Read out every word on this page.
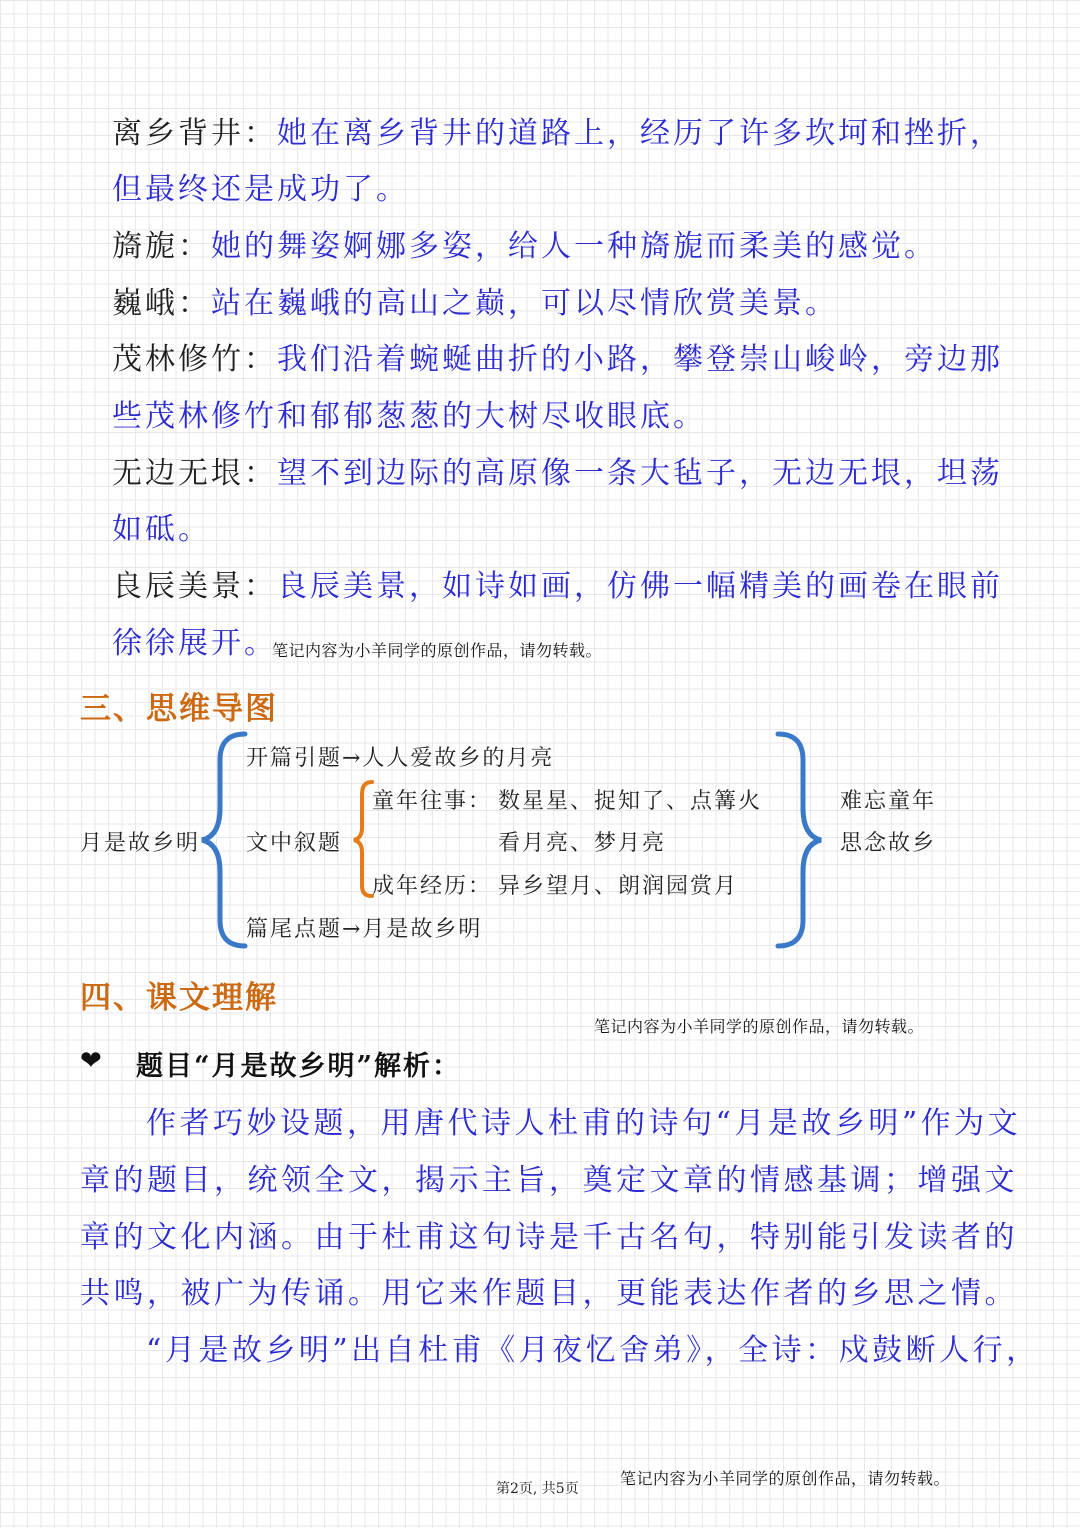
离乡背井：她在离乡背井的道路上，经历了许多坎坷和挫折，
但最终还是成功了。
旖旎：她的舞姿婀娜多姿，给人一种旖旎而柔美的感觉。
巍峨：站在巍峨的高山之巅，可以尽情欣赏美景。
茂林修竹：我们沿着蜿蜒曲折的小路，攀登崇山峻岭，旁边那
些茂林修竹和郁郁葱葱的大树尽收眼底。
无边无垠：望不到边际的高原像一条大毡子，无边无垠，坦荡
如砥。
良辰美景：良辰美景，如诗如画，仿佛一幅精美的画卷在眼前
徐徐展开。
笔记内容为小羊同学的原创作品，请勿转载。
三、思维导图
月是故乡明
开篇引题→人人爱故乡的月亮
文中叙题
童年往事： 数星星、捉知了、点篝火
看月亮、梦月亮
成年经历： 异乡望月、朗润园赏月
篇尾点题→月是故乡明
难忘童年
思念故乡
四、课文理解
笔记内容为小羊同学的原创作品，请勿转载。
❤ 题目“月是故乡明”解析：
作者巧妙设题，用唐代诗人杜甫的诗句“月是故乡明”作为文
章的题目，统领全文，揭示主旨，奠定文章的情感基调；增强文
章的文化内涵。由于杜甫这句诗是千古名句，特别能引发读者的
共鸣，被广为传诵。用它来作题目，更能表达作者的乡思之情。
“月是故乡明”出自杜甫《月夜忆舍弟》，全诗：戍鼓断人行，
第2页, 共5页
笔记内容为小羊同学的原创作品，请勿转载。
